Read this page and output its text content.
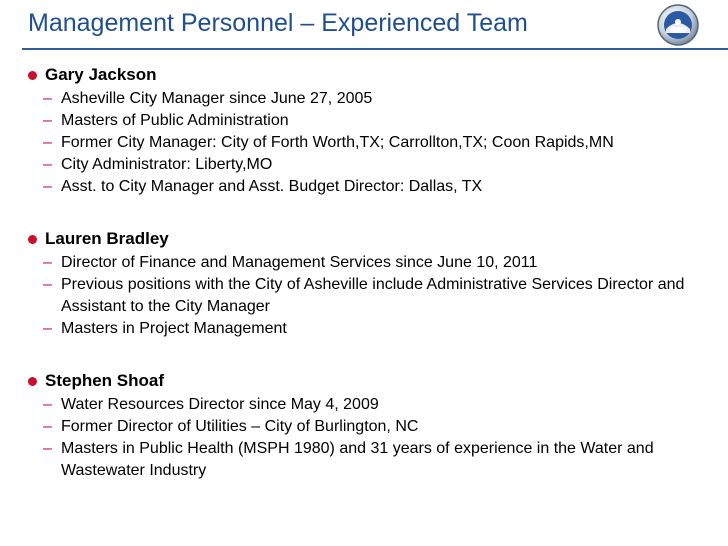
Management Personnel – Experienced Team
Gary Jackson
– Asheville City Manager since June 27, 2005
– Masters of Public Administration
– Former City Manager: City of Forth Worth,TX; Carrollton,TX; Coon Rapids,MN
– City Administrator: Liberty,MO
– Asst. to City Manager and Asst. Budget Director: Dallas, TX
Lauren Bradley
– Director of Finance and Management Services since June 10, 2011
– Previous positions with the City of Asheville include Administrative Services Director and Assistant to the City Manager
– Masters in Project Management
Stephen Shoaf
– Water Resources Director since May 4, 2009
– Former Director of Utilities – City of Burlington, NC
– Masters in Public Health (MSPH 1980) and 31 years of experience in the Water and Wastewater Industry
